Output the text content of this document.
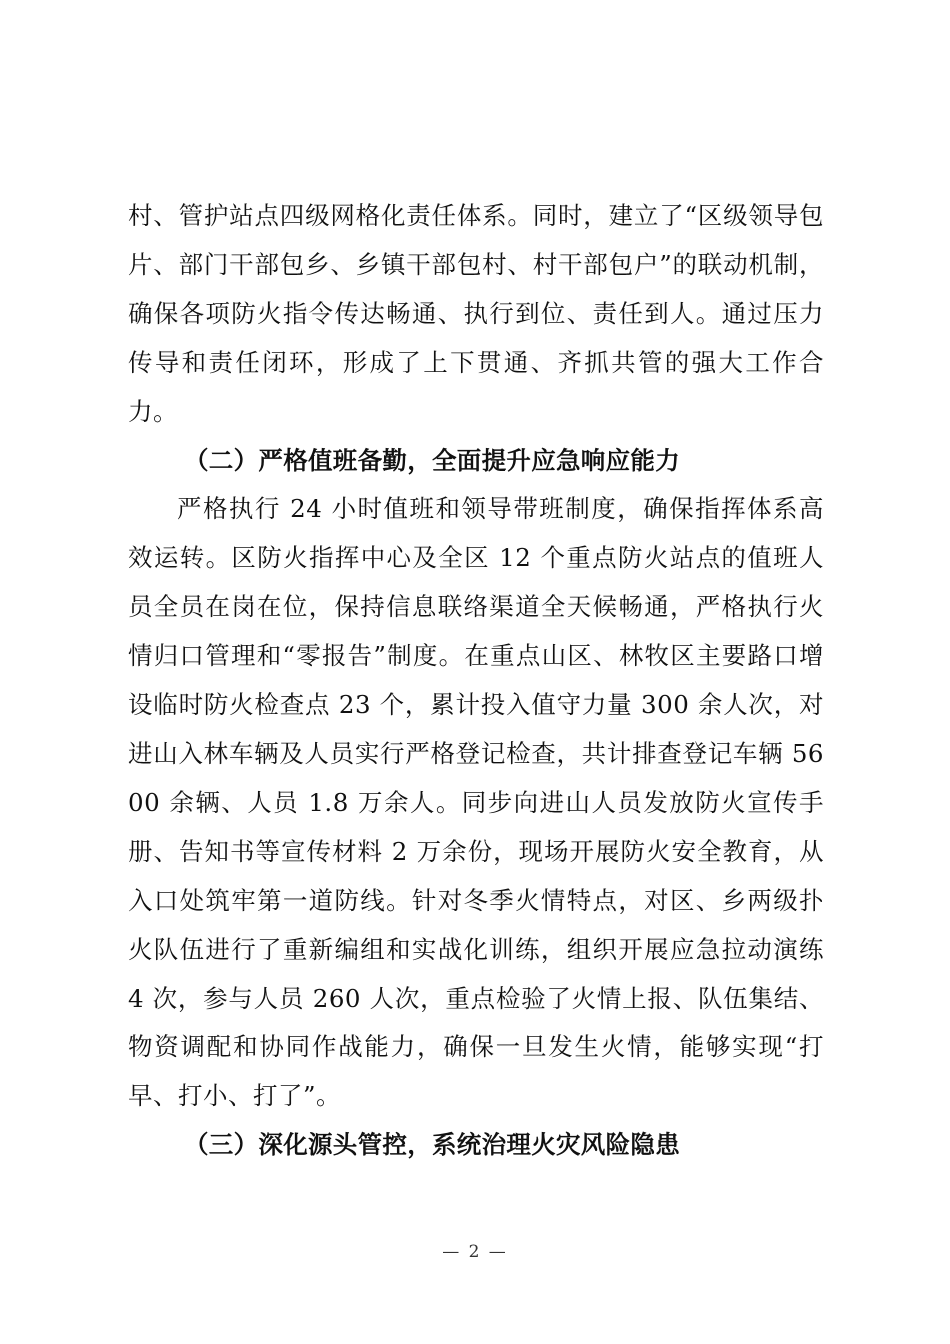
村、管护站点四级网格化责任体系。同时，建立了“区级领导包片、部门干部包乡、乡镇干部包村、村干部包户”的联动机制，确保各项防火指令传达畅通、执行到位、责任到人。通过压力传导和责任闭环，形成了上下贯通、齐抓共管的强大工作合力。

（二）严格值班备勤，全面提升应急响应能力

严格执行 24 小时值班和领导带班制度，确保指挥体系高效运转。区防火指挥中心及全区 12 个重点防火站点的值班人员全员在岗在位，保持信息联络渠道全天候畅通，严格执行火情归口管理和“零报告”制度。在重点山区、林牧区主要路口增设临时防火检查点 23 个，累计投入值守力量 300 余人次，对进山入林车辆及人员实行严格登记检查，共计排查登记车辆 5600 余辆、人员 1.8 万余人。同步向进山人员发放防火宣传手册、告知书等宣传材料 2 万余份，现场开展防火安全教育，从入口处筑牢第一道防线。针对冬季火情特点，对区、乡两级扑火队伍进行了重新编组和实战化训练，组织开展应急拉动演练 4 次，参与人员 260 人次，重点检验了火情上报、队伍集结、物资调配和协同作战能力，确保一旦发生火情，能够实现“打早、打小、打了”。

（三）深化源头管控，系统治理火灾风险隐患

— 2 —
